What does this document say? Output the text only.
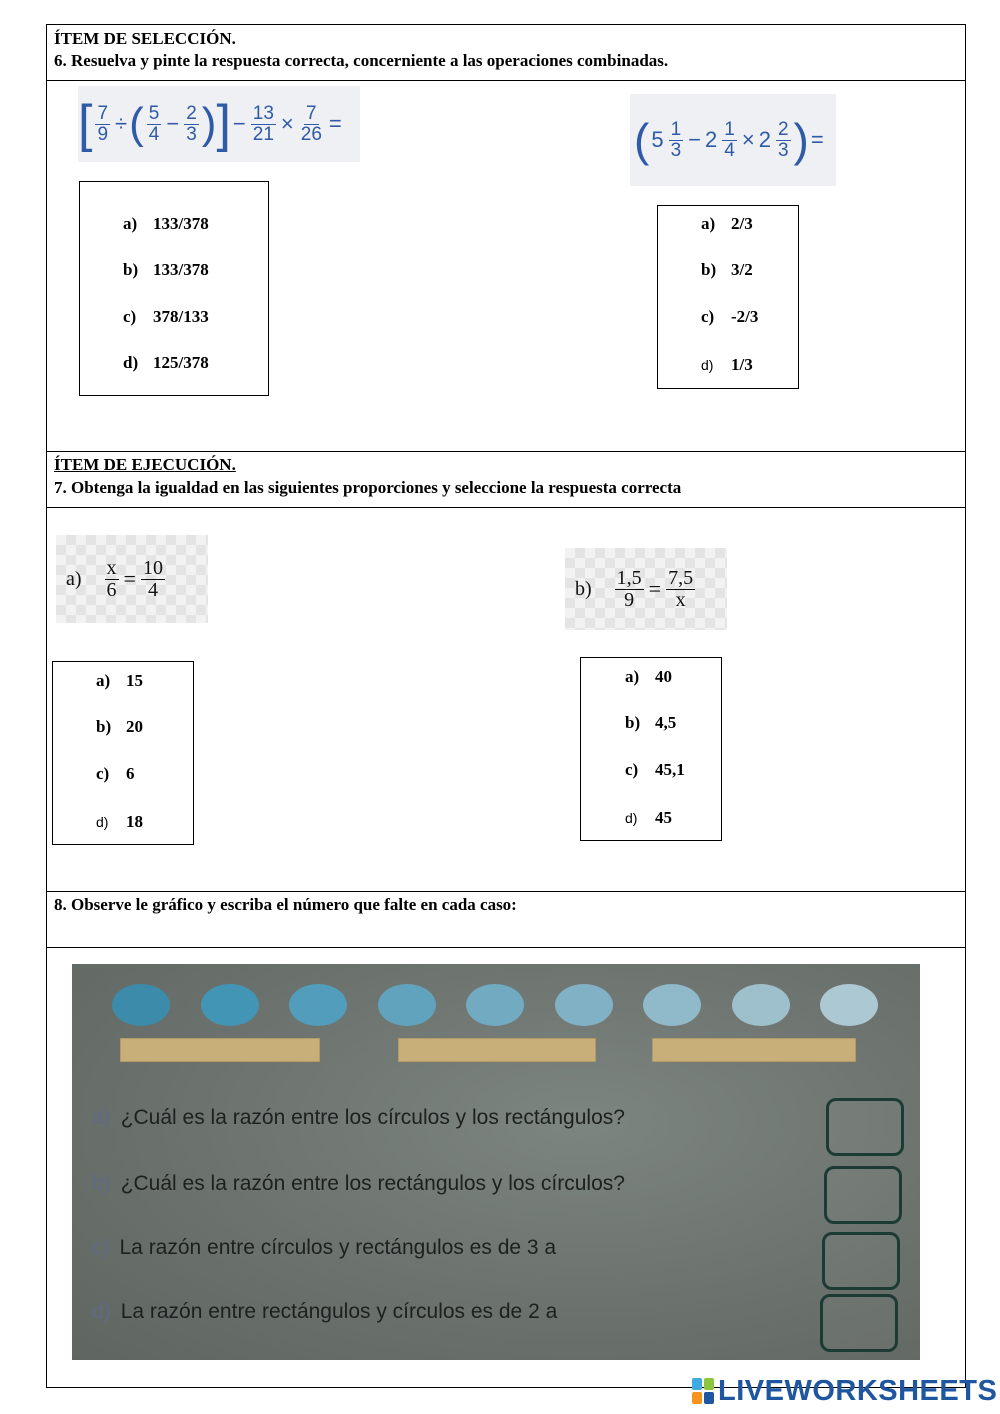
ÍTEM DE SELECCIÓN.
6. Resuelva y pinte la respuesta correcta, concerniente a las operaciones combinadas.
[ $\frac{7}{9}$ ÷ ( $\frac{5}{4} - \frac{2}{3}$ ) ] − $\frac{13}{21} \times \frac{7}{26}$ =	( $5 \frac{1}{3} - 2 \frac{1}{4} \times 2 \frac{2}{3}$ ) =
a) 133/378
b) 133/378
c) 378/133
d) 125/378
a) 2/3
b) 3/2
c) -2/3
d) 1/3
ÍTEM DE EJECUCIÓN.
7. Obtenga la igualdad en las siguientes proporciones y seleccione la respuesta correcta
$a) \frac{x}{6} = \frac{10}{4}$	$b) \frac{1,5}{9} = \frac{7,5}{x}$
a) 15
b) 20
c) 6
d) 18
a) 40
b) 4,5
c) 45,1
d) 45
8. Observe le gráfico y escriba el número que falte en cada caso:
a) ¿Cuál es la razón entre los círculos y los rectángulos?
b) ¿Cuál es la razón entre los rectángulos y los círculos?
c) La razón entre círculos y rectángulos es de 3 a
d) La razón entre rectángulos y círculos es de 2 a
LIVEWORKSHEETS
